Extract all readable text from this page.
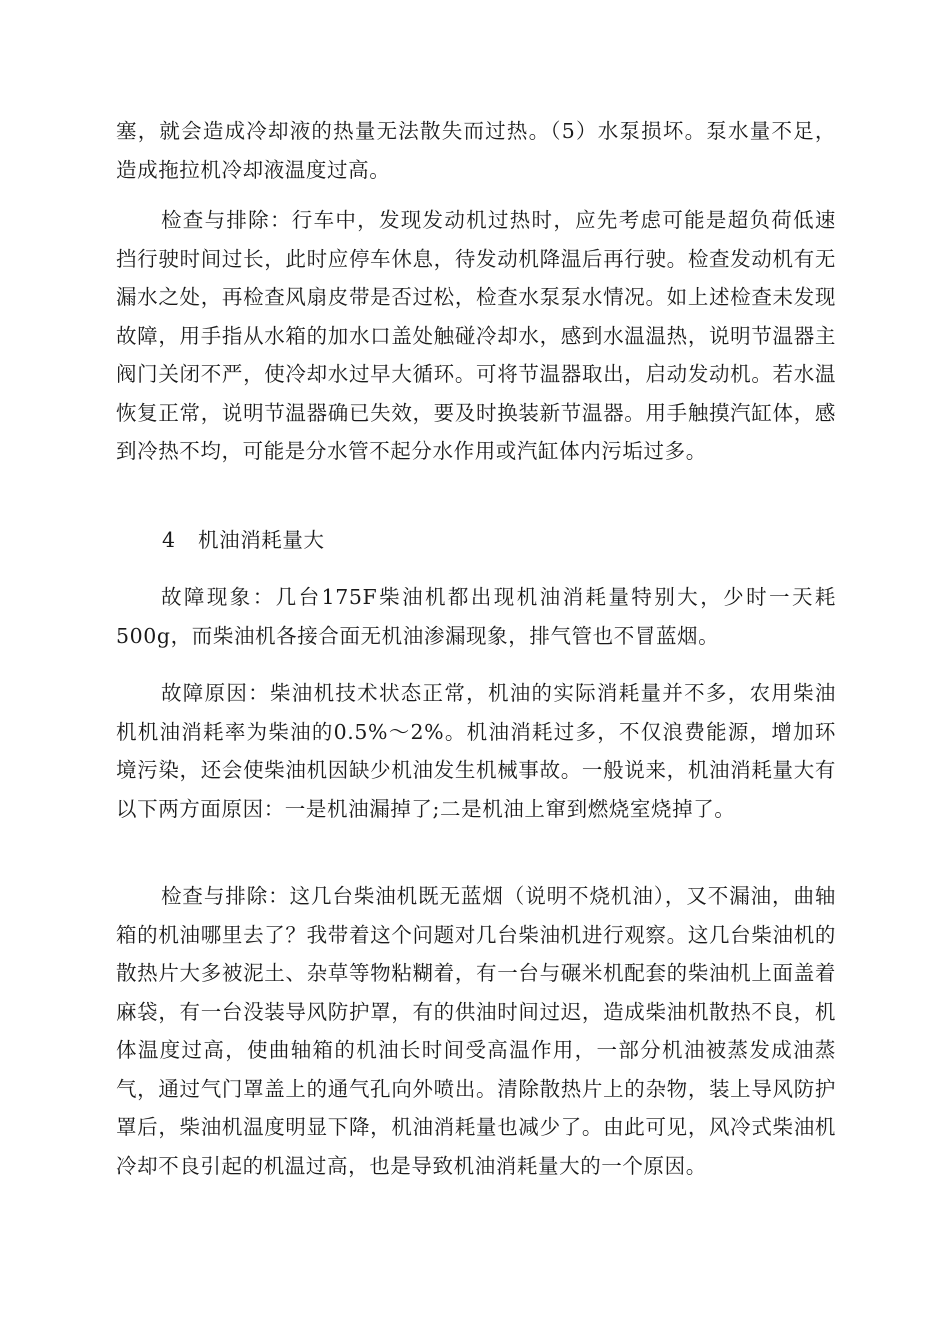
塞，就会造成冷却液的热量无法散失而过热。（5）水泵损坏。泵水量不足，造成拖拉机冷却液温度过高。

检查与排除：行车中，发现发动机过热时，应先考虑可能是超负荷低速挡行驶时间过长，此时应停车休息，待发动机降温后再行驶。检查发动机有无漏水之处，再检查风扇皮带是否过松，检查水泵泵水情况。如上述检查未发现故障，用手指从水箱的加水口盖处触碰冷却水，感到水温温热，说明节温器主阀门关闭不严，使冷却水过早大循环。可将节温器取出，启动发动机。若水温恢复正常，说明节温器确已失效，要及时换装新节温器。用手触摸汽缸体，感到冷热不均，可能是分水管不起分水作用或汽缸体内污垢过多。

4 机油消耗量大

故障现象：几台175F柴油机都出现机油消耗量特别大，少时一天耗500g，而柴油机各接合面无机油渗漏现象，排气管也不冒蓝烟。

故障原因：柴油机技术状态正常，机油的实际消耗量并不多，农用柴油机机油消耗率为柴油的0.5%～2%。机油消耗过多，不仅浪费能源，增加环境污染，还会使柴油机因缺少机油发生机械事故。一般说来，机油消耗量大有以下两方面原因：一是机油漏掉了;二是机油上窜到燃烧室烧掉了。

检查与排除：这几台柴油机既无蓝烟（说明不烧机油），又不漏油，曲轴箱的机油哪里去了？我带着这个问题对几台柴油机进行观察。这几台柴油机的散热片大多被泥土、杂草等物粘糊着，有一台与碾米机配套的柴油机上面盖着麻袋，有一台没装导风防护罩，有的供油时间过迟，造成柴油机散热不良，机体温度过高，使曲轴箱的机油长时间受高温作用，一部分机油被蒸发成油蒸气，通过气门罩盖上的通气孔向外喷出。清除散热片上的杂物，装上导风防护罩后，柴油机温度明显下降，机油消耗量也减少了。由此可见，风冷式柴油机冷却不良引起的机温过高，也是导致机油消耗量大的一个原因。
